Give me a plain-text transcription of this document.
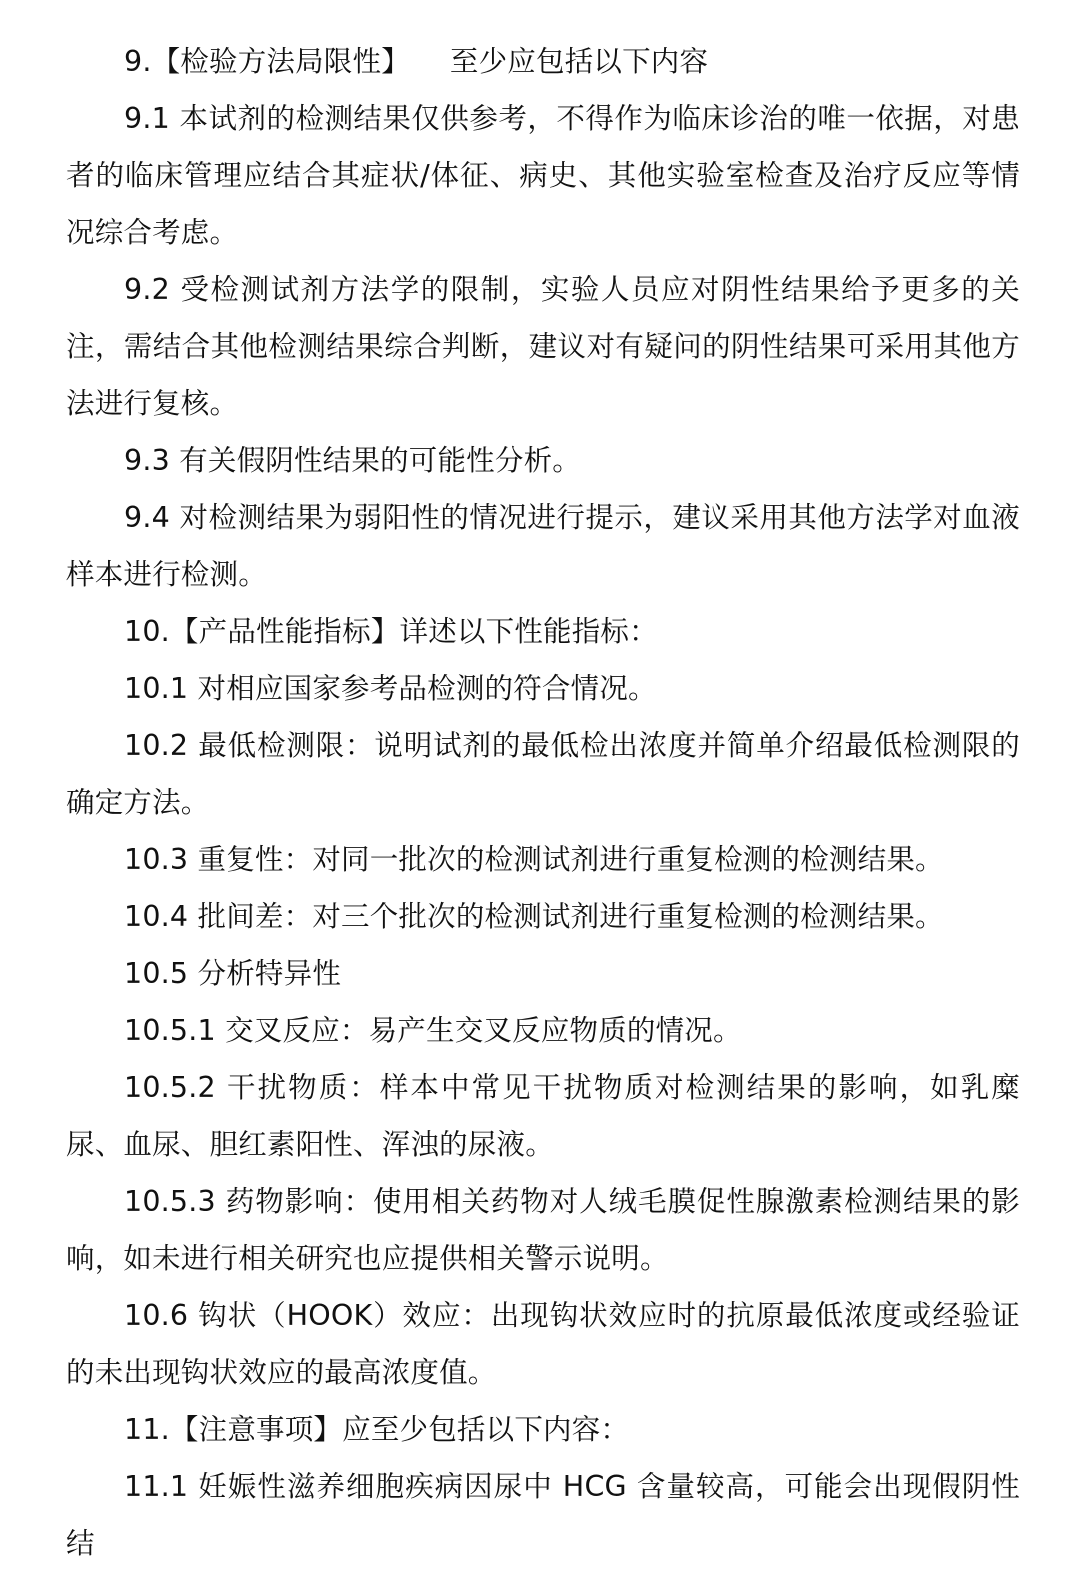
9.【检验方法局限性】 至少应包括以下内容

9.1 本试剂的检测结果仅供参考，不得作为临床诊治的唯一依据，对患者的临床管理应结合其症状/体征、病史、其他实验室检查及治疗反应等情况综合考虑。

9.2 受检测试剂方法学的限制，实验人员应对阴性结果给予更多的关注，需结合其他检测结果综合判断，建议对有疑问的阴性结果可采用其他方法进行复核。

9.3 有关假阴性结果的可能性分析。

9.4 对检测结果为弱阳性的情况进行提示，建议采用其他方法学对血液样本进行检测。

10.【产品性能指标】详述以下性能指标：

10.1 对相应国家参考品检测的符合情况。

10.2 最低检测限：说明试剂的最低检出浓度并简单介绍最低检测限的确定方法。

10.3 重复性：对同一批次的检测试剂进行重复检测的检测结果。

10.4 批间差：对三个批次的检测试剂进行重复检测的检测结果。

10.5 分析特异性

10.5.1 交叉反应：易产生交叉反应物质的情况。

10.5.2 干扰物质：样本中常见干扰物质对检测结果的影响，如乳糜尿、血尿、胆红素阳性、浑浊的尿液。

10.5.3 药物影响：使用相关药物对人绒毛膜促性腺激素检测结果的影响，如未进行相关研究也应提供相关警示说明。

10.6 钩状（HOOK）效应：出现钩状效应时的抗原最低浓度或经验证的未出现钩状效应的最高浓度值。

11.【注意事项】应至少包括以下内容：

11.1 妊娠性滋养细胞疾病因尿中 HCG 含量较高，可能会出现假阴性结
